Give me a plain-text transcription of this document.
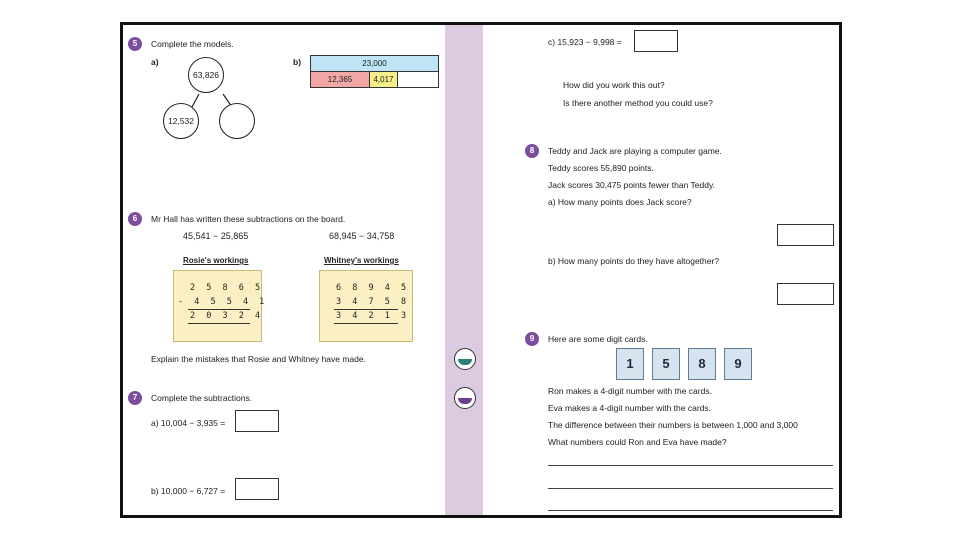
5	Complete the models.
a)
63,826
12,532
b)	23,000
12,365	4,017
6	Mr Hall has written these subtractions on the board.
45,541 − 25,865	68,945 − 34,758
Rosie's workings
2 5 8 6 5
- 4 5 5 4 1
2 0 3 2 4
Whitney's workings
6 8 9 4 5
3 4 7 5 8
3 4 2 1 3
Explain the mistakes that Rosie and Whitney have made.
7	Complete the subtractions.
a) 10,004 − 3,935 =
b) 10,000 − 6,727 =
c) 15,923 − 9,998 =
How did you work this out?
Is there another method you could use?
8	Teddy and Jack are playing a computer game.
Teddy scores 55,890 points.
Jack scores 30,475 points fewer than Teddy.
a) How many points does Jack score?
b) How many points do they have altogether?
9	Here are some digit cards.
1	5	8	9
Ron makes a 4-digit number with the cards.
Eva makes a 4-digit number with the cards.
The difference between their numbers is between 1,000 and 3,000
What numbers could Ron and Eva have made?
